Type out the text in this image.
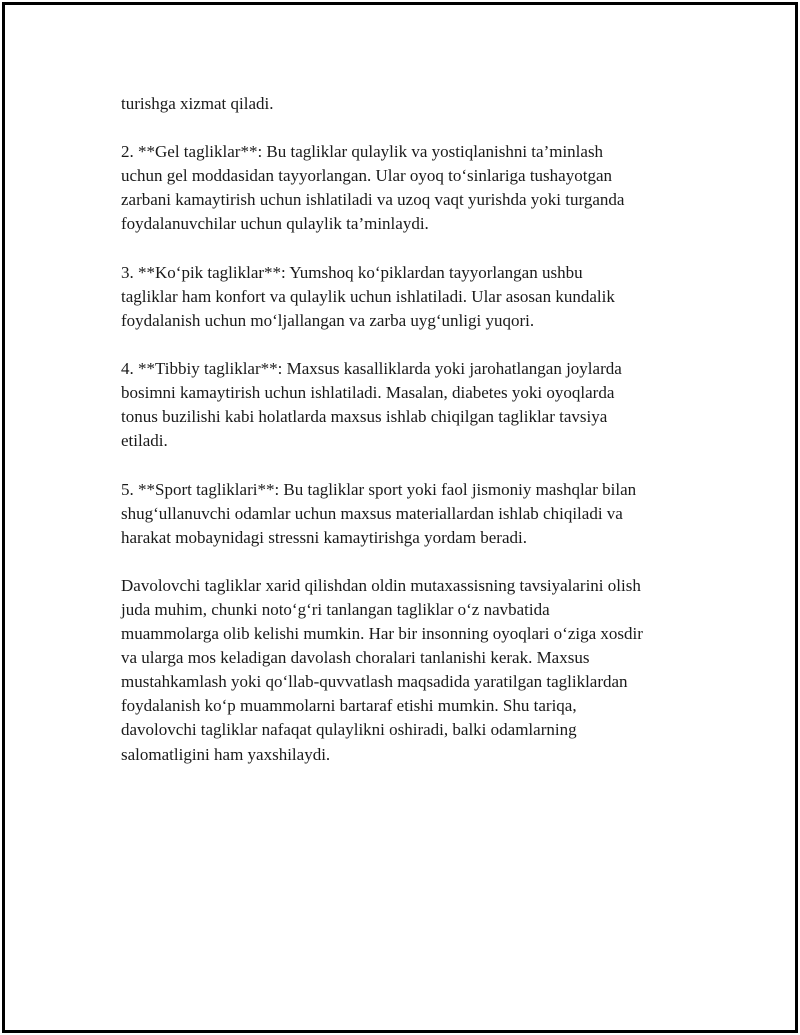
turishga xizmat qiladi.

2. **Gel tagliklar**: Bu tagliklar qulaylik va yostiqlanishni ta’minlash
uchun gel moddasidan tayyorlangan. Ular oyoq to‘sinlariga tushayotgan
zarbani kamaytirish uchun ishlatiladi va uzoq vaqt yurishda yoki turganda
foydalanuvchilar uchun qulaylik ta’minlaydi.

3. **Ko‘pik tagliklar**: Yumshoq ko‘piklardan tayyorlangan ushbu
tagliklar ham konfort va qulaylik uchun ishlatiladi. Ular asosan kundalik
foydalanish uchun mo‘ljallangan va zarba uyg‘unligi yuqori.

4. **Tibbiy tagliklar**: Maxsus kasalliklarda yoki jarohatlangan joylarda
bosimni kamaytirish uchun ishlatiladi. Masalan, diabetes yoki oyoqlarda
tonus buzilishi kabi holatlarda maxsus ishlab chiqilgan tagliklar tavsiya
etiladi.

5. **Sport tagliklari**: Bu tagliklar sport yoki faol jismoniy mashqlar bilan
shug‘ullanuvchi odamlar uchun maxsus materiallardan ishlab chiqiladi va
harakat mobaynidagi stressni kamaytirishga yordam beradi.

Davolovchi tagliklar xarid qilishdan oldin mutaxassisning tavsiyalarini olish
juda muhim, chunki noto‘g‘ri tanlangan tagliklar o‘z navbatida
muammolarga olib kelishi mumkin. Har bir insonning oyoqlari o‘ziga xosdir
va ularga mos keladigan davolash choralari tanlanishi kerak. Maxsus
mustahkamlash yoki qo‘llab-quvvatlash maqsadida yaratilgan tagliklardan
foydalanish ko‘p muammolarni bartaraf etishi mumkin. Shu tariqa,
davolovchi tagliklar nafaqat qulaylikni oshiradi, balki odamlarning
salomatligini ham yaxshilaydi.
